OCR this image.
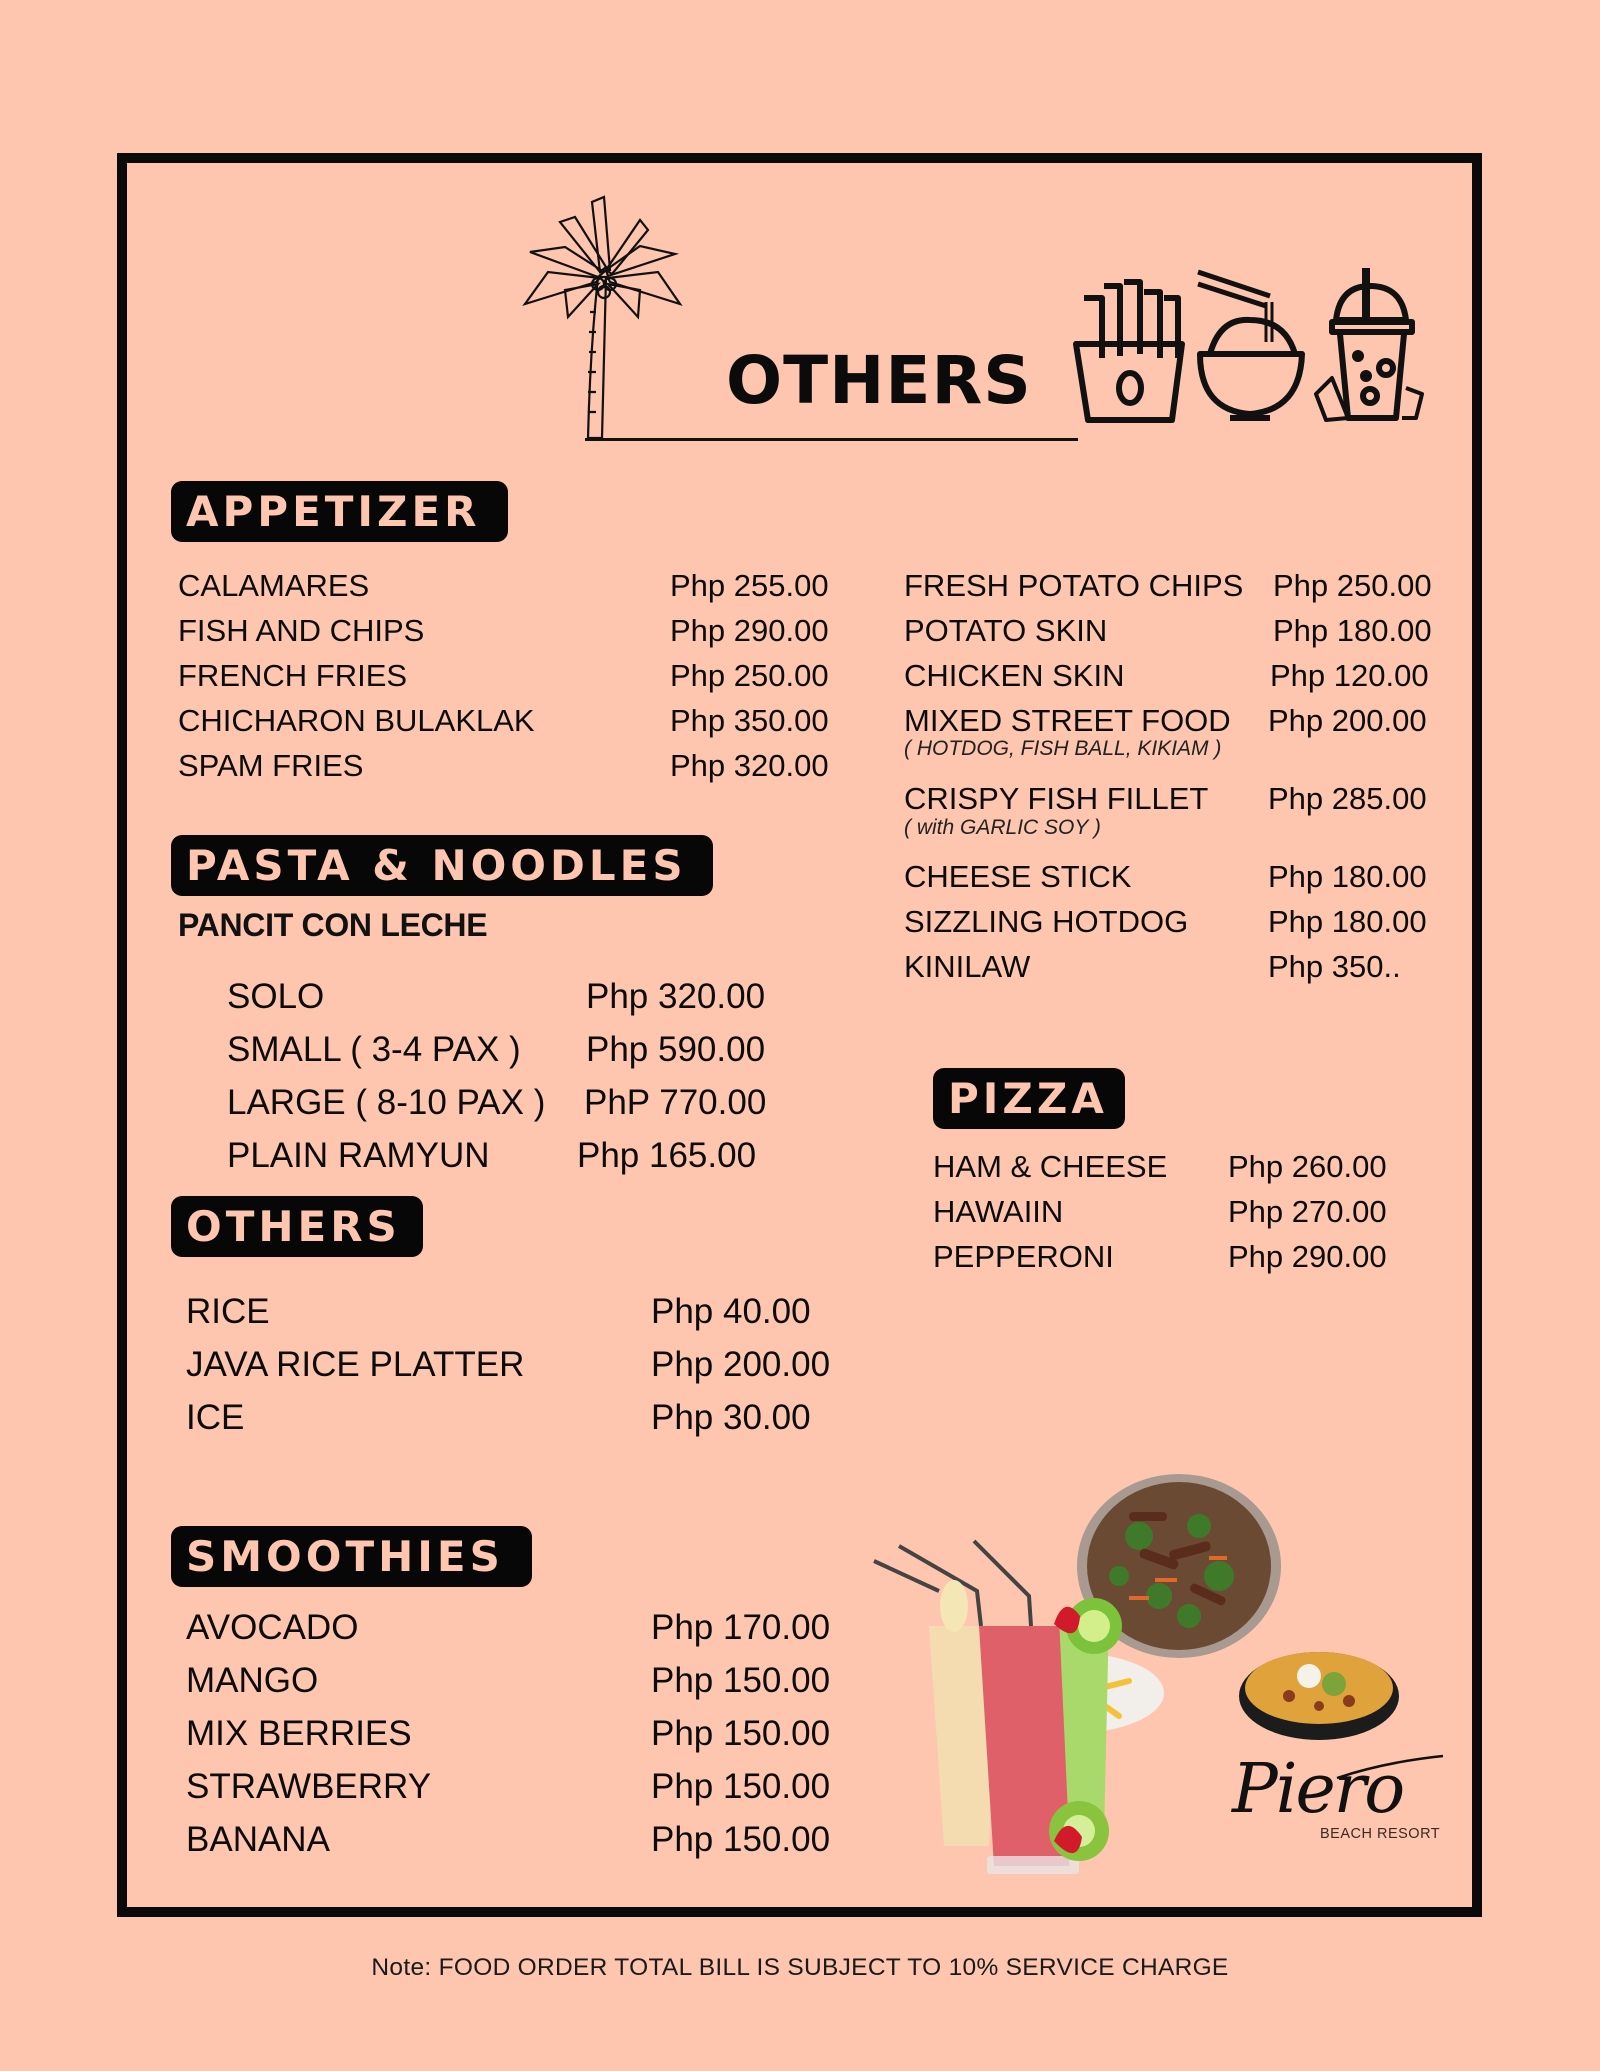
OTHERS
APPETIZER
CALAMARES	Php 255.00
FISH AND CHIPS	Php 290.00
FRENCH FRIES	Php 250.00
CHICHARON BULAKLAK	Php 350.00
SPAM FRIES	Php 320.00
FRESH POTATO CHIPS Php 250.00
POTATO SKIN	Php 180.00
CHICKEN SKIN	Php 120.00
MIXED STREET FOOD Php 200.00
( HOTDOG, FISH BALL, KIKIAM )
CRISPY FISH FILLET Php 285.00
( with GARLIC SOY )
CHEESE STICK	Php 180.00
SIZZLING HOTDOG	Php 180.00
KINILAW	Php 350..
PASTA & NOODLES
PANCIT CON LECHE
SOLO	Php 320.00
SMALL ( 3-4 PAX ) Php 590.00
LARGE ( 8-10 PAX ) PhP 770.00
PLAIN RAMYUN Php 165.00
OTHERS
RICE	Php 40.00
JAVA RICE PLATTER	Php 200.00
ICE	Php 30.00
PIZZA
HAM & CHEESE Php 260.00
HAWAIIN	Php 270.00
PEPPERONI	Php 290.00
SMOOTHIES
AVOCADO	Php 170.00
MANGO	Php 150.00
MIX BERRIES	Php 150.00
STRAWBERRY	Php 150.00
BANANA	Php 150.00
Piero
BEACH RESORT
Note: FOOD ORDER TOTAL BILL IS SUBJECT TO 10% SERVICE CHARGE
